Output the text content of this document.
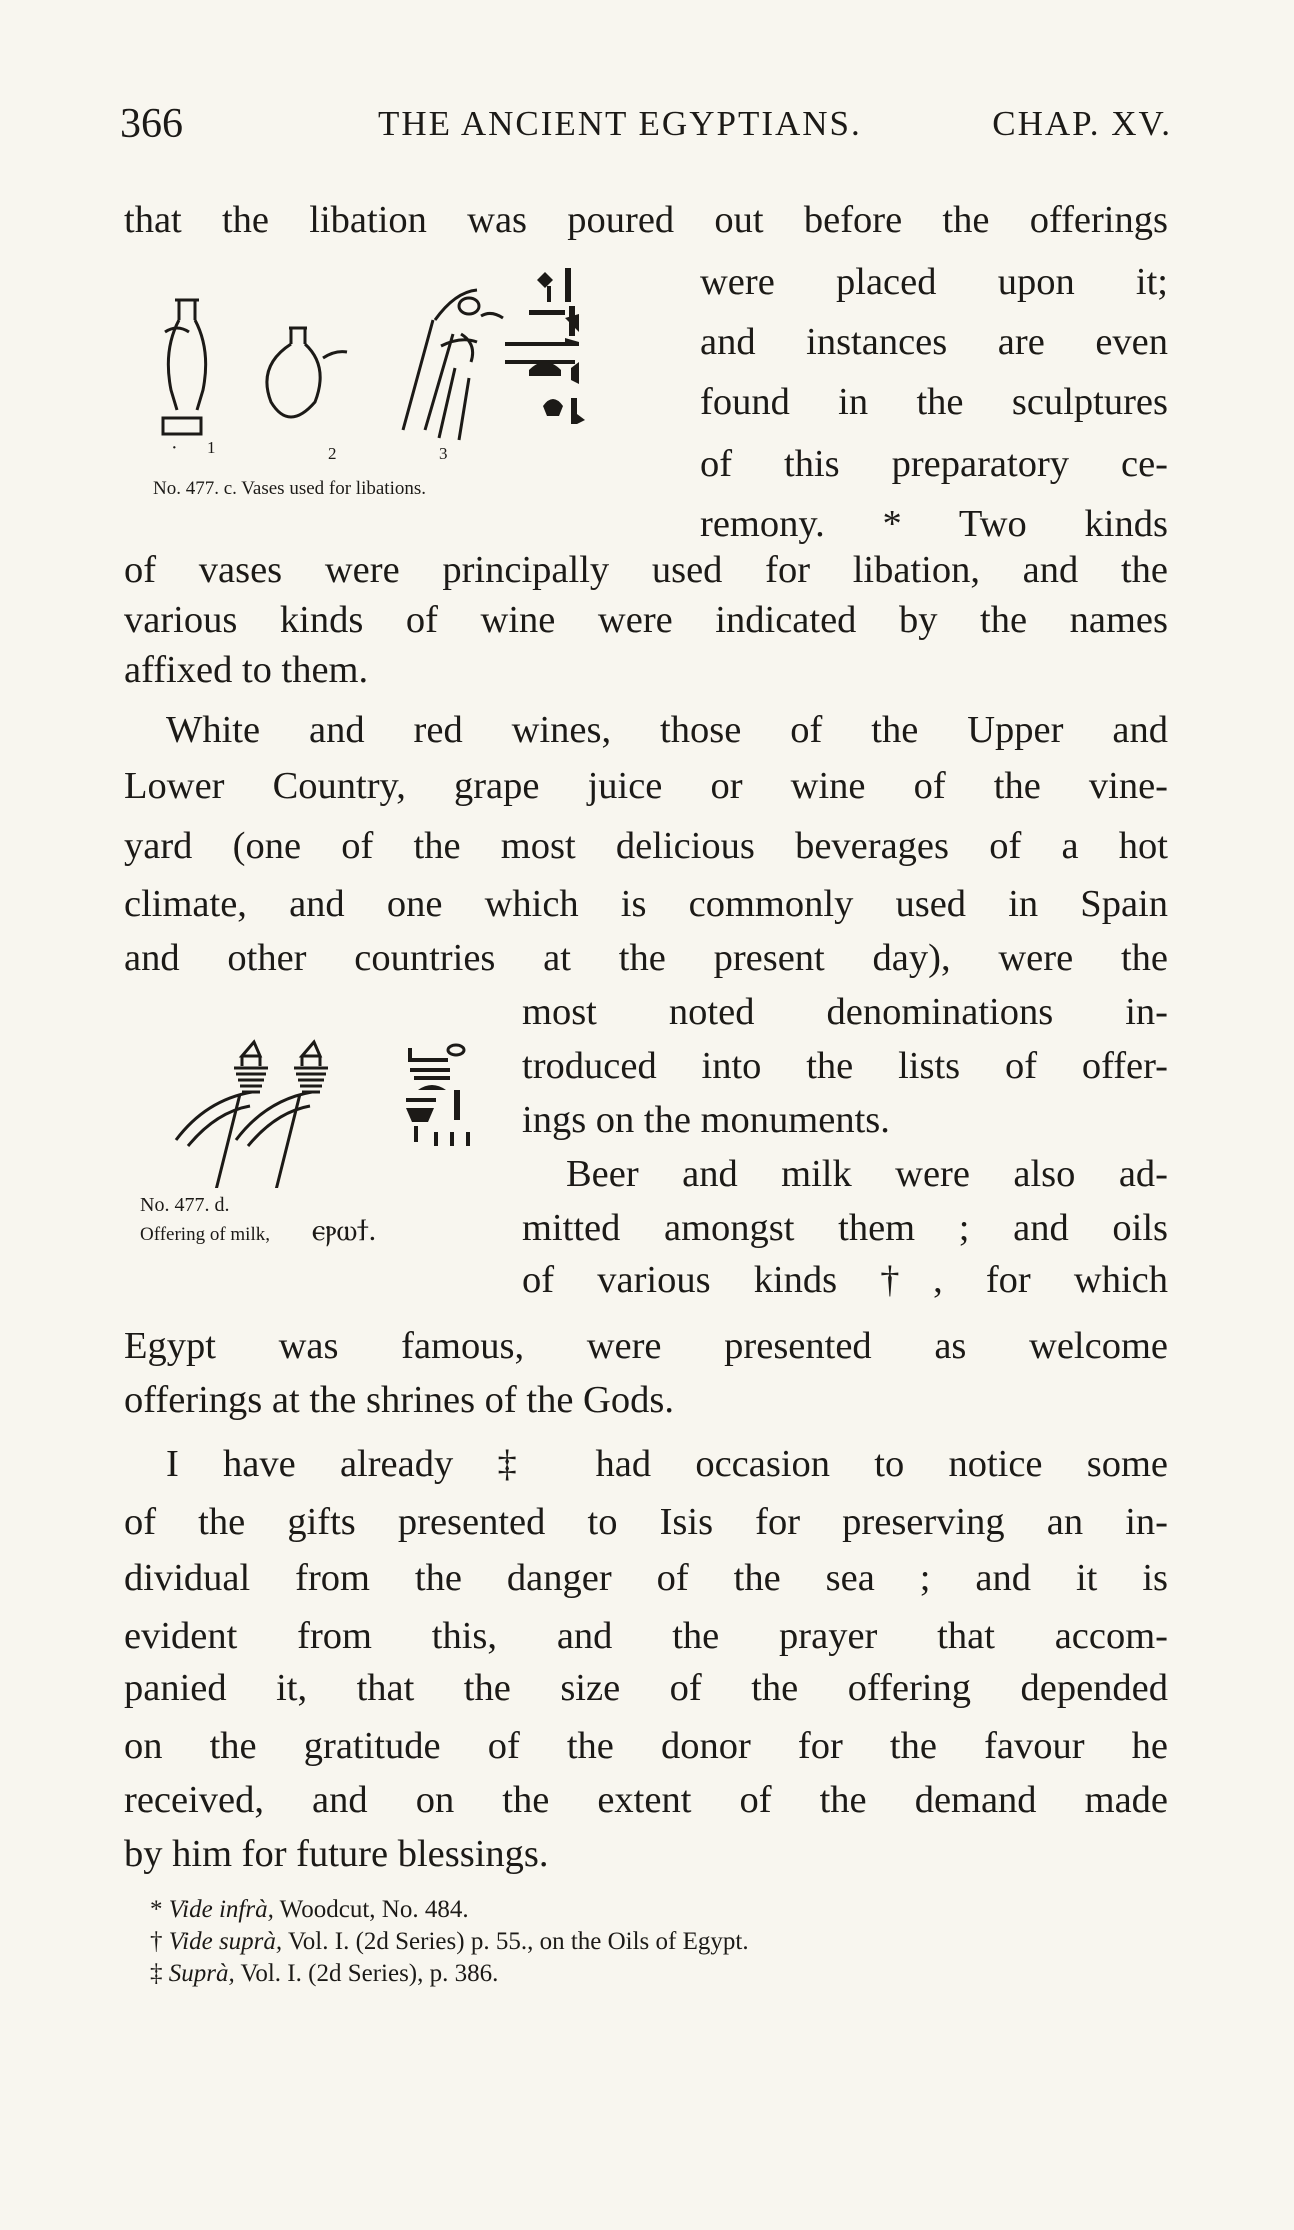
366	THE ANCIENT EGYPTIANS.	CHAP. XV.
that the libation was poured out before the offerings
were placed upon it;
and instances are even
found in the sculptures
of this preparatory ce-
remony. * Two kinds
of vases were principally used for libation, and the
various kinds of wine were indicated by the names
affixed to them.
White and red wines, those of the Upper and
Lower Country, grape juice or wine of the vine-
yard (one of the most delicious beverages of a hot
climate, and one which is commonly used in Spain
and other countries at the present day), were the
most noted denominations in-
troduced into the lists of offer-
ings on the monuments.
Beer and milk were also ad-
mitted amongst them ; and oils
of various kinds †, for which
Egypt was famous, were presented as welcome
offerings at the shrines of the Gods.
I have already ‡ had occasion to notice some
of the gifts presented to Isis for preserving an in-
dividual from the danger of the sea ; and it is
evident from this, and the prayer that accom-
panied it, that the size of the offering depended
on the gratitude of the donor for the favour he
received, and on the extent of the demand made
by him for future blessings.
· 1	2	3
No. 477. c. Vases used for libations.
No. 477. d.
Offering of milk, ⲉⲣⲱϯ.
* Vide infrà, Woodcut, No. 484.
† Vide suprà, Vol. I. (2d Series) p. 55., on the Oils of Egypt.
‡ Suprà, Vol. I. (2d Series), p. 386.
